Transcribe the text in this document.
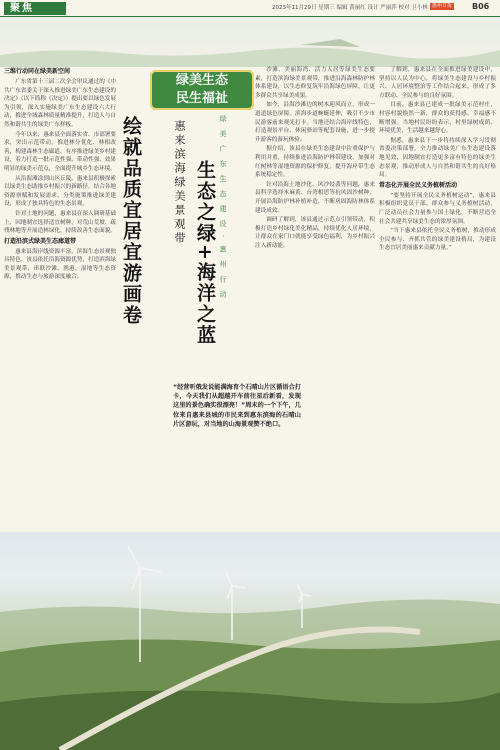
聚焦	2023年11月29日 星期三 编辑 黄丽红 设计 严丽萍 校对 卫小林 惠州日报 B06
绿美生态
民生福祉
三维行动同在绿美新空间

广东省第十三届二次全会审议通过的《中共广东省委关于深入推进绿美广东生态建设的决定》（以下简称《决定》）提出要以绿色发展为引领，深入实施绿美广东生态建设六大行动，推进全域森林质量精准提升，打造人与自然和谐共生的绿美广东样板。

今年以来，惠来县全面落实省、市部署要求，突出示范带动，推进林分优化、林相改善，构建森林生态廊道，有序推进绿美乡村建设，着力打造一批示范性强、带动性强、效果明显的绿美示范点，全面提升城乡生态环境。

从沿海滩涂到山区丘陵，惠来县积极探索以绿美生态助推乡村振兴的新路径，结合各地资源禀赋和发展需求，分类施策推进绿美建设，形成了独具特色的生态景观。

针对土地的问题，惠来县在深入调研基础上，因地制宜选择适宜树种，对荒山荒坡、疏残林地等开展造林绿化，持续改善生态面貌。

打造沿滨式绿美生态廊道带

惠来县海岸线资源丰富，滨海生态景观独具特色。该县依托沿海资源优势，打造滨海绿美景观带，串联沙滩、渔港、湿地等生态资源，推动生态与旅游深度融合。	绘就品质宜居宜游画卷	惠来滨海绿美景观带 生态之绿+海洋之蓝 绿美广东生态建设·惠州行动
“经营听俄发说能满海育个石晴山片区循语合打卡，今天我们从超越开车前往星后新看，发现这里的景色确实很漂亮！”周末的一个下午，几位来自惠来县城的市民来到惠东滨海的石晴山片区游玩，对当地的山海景观赞不绝口。

沙滩、美丽海湾、活力人居等绿美生态要素，打造滨海绿美景观带，推进沿海森林防护林体系建设，以生态修复筑牢沿海绿色屏障，让更多群众共享绿美成果。

如今，沿海沙滩边的树木迎风而立，形成一道道绿色屏障。滨海步道蜿蜒延伸，吸引不少市民游客前来观光打卡。当地还结合海岸线特色，打造观景平台、休闲驿站等配套设施，进一步提升游客的游玩体验。

据介绍，该县在绿美生态建设中注重保护与利用并重，持续推进沿海防护林带建设，加强对红树林等湿地资源的保护修复，提升海岸带生态系统稳定性。

针对沿海土地沙化、风沙侵袭等问题，惠来县科学选择木麻黄、台湾相思等抗风固沙树种，开展沿海防护林补植补造，不断巩固海防林体系建设成效。

调研了解到，该县通过示范点引领带动，积极打造乡村绿化美化精品，持续优化人居环境，让群众在家门口就能享受绿色福利，为乡村振兴注入新动能。

了解到，惠来县在全面推进绿美建设中，坚持以人民为中心，将绿美生态建设与乡村振兴、人居环境整治等工作结合起来，形成了多方联动、全民参与的良好氛围。

目前，惠来县已建成一批绿美示范村庄，村容村貌焕然一新，群众的获得感、幸福感不断增强。当地村民纷纷表示，村里绿树成荫、环境优美，生活越来越舒心。

据悉，惠来县下一步将持续深入学习贯彻省委决策部署，全力推动绿美广东生态建设落地见效，因地制宜打造更多富有特色的绿美生态景观，推动形成人与自然和谐共生的良好格局。

常态化开展全民义务植树活动

“要坚持开展全民义务植树运动”，惠来县积极组织党员干部、群众参与义务植树活动，广泛动员社会力量参与国土绿化，不断营造全社会共建共享绿美生态的浓厚氛围。

“当下惠来县依托全民义务植树，推动形成全民参与、齐抓共管的绿美建设格局，为建设生态宜居美丽惠来贡献力量。”
